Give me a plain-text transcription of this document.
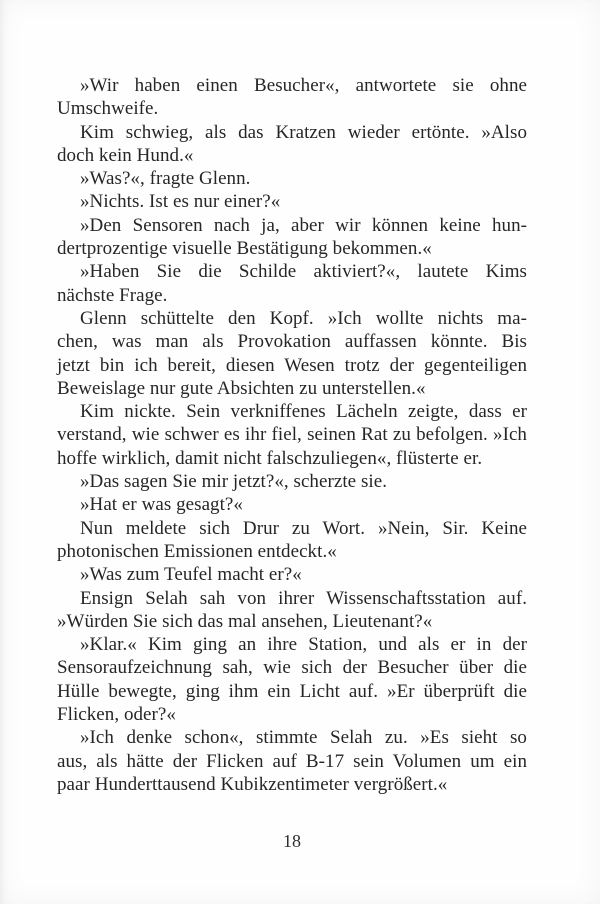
»Wir haben einen Besucher«, antwortete sie ohne
Umschweife.

Kim schwieg, als das Kratzen wieder ertönte. »Also
doch kein Hund.«

»Was?«, fragte Glenn.

»Nichts. Ist es nur einer?«

»Den Sensoren nach ja, aber wir können keine hun-
dertprozentige visuelle Bestätigung bekommen.«

»Haben Sie die Schilde aktiviert?«, lautete Kims
nächste Frage.

Glenn schüttelte den Kopf. »Ich wollte nichts ma-
chen, was man als Provokation auffassen könnte. Bis
jetzt bin ich bereit, diesen Wesen trotz der gegenteiligen
Beweislage nur gute Absichten zu unterstellen.«

Kim nickte. Sein verkniffenes Lächeln zeigte, dass er
verstand, wie schwer es ihr fiel, seinen Rat zu befolgen. »Ich
hoffe wirklich, damit nicht falschzuliegen«, flüsterte er.

»Das sagen Sie mir jetzt?«, scherzte sie.

»Hat er was gesagt?«

Nun meldete sich Drur zu Wort. »Nein, Sir. Keine
photonischen Emissionen entdeckt.«

»Was zum Teufel macht er?«

Ensign Selah sah von ihrer Wissenschaftsstation auf.
»Würden Sie sich das mal ansehen, Lieutenant?«

»Klar.« Kim ging an ihre Station, und als er in der
Sensoraufzeichnung sah, wie sich der Besucher über die
Hülle bewegte, ging ihm ein Licht auf. »Er überprüft die
Flicken, oder?«

»Ich denke schon«, stimmte Selah zu. »Es sieht so
aus, als hätte der Flicken auf B-17 sein Volumen um ein
paar Hunderttausend Kubikzentimeter vergrößert.«

18
